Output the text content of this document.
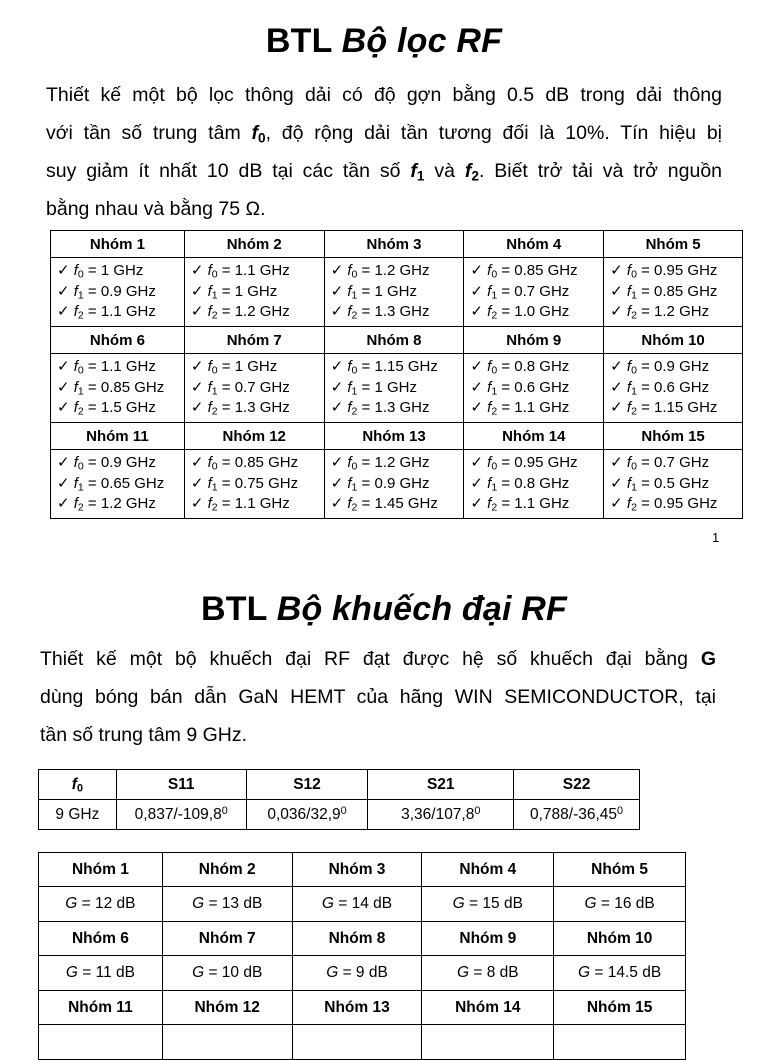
BTL Bộ lọc RF
Thiết kế một bộ lọc thông dải có độ gợn bằng 0.5 dB trong dải thông
với tần số trung tâm $f_0$, độ rộng dải tần tương đối là 10%. Tín hiệu bị
suy giảm ít nhất 10 dB tại các tần số $f_1$ và $f_2$. Biết trở tải và trở nguồn
bằng nhau và bằng 75 Ω.
Nhóm 1	Nhóm 2	Nhóm 3	Nhóm 4	Nhóm 5

✓ $f_0 = 1$ GHz
✓ $f_1 = 0.9$ GHz
✓ $f_2 = 1.1$ GHz	✓ $f_0 = 1.1$ GHz
✓ $f_1 = 1$ GHz
✓ $f_2 = 1.2$ GHz	✓ $f_0 = 1.2$ GHz
✓ $f_1 = 1$ GHz
✓ $f_2 = 1.3$ GHz	✓ $f_0 = 0.85$ GHz
✓ $f_1 = 0.7$ GHz
✓ $f_2 = 1.0$ GHz	✓ $f_0 = 0.95$ GHz
✓ $f_1 = 0.85$ GHz
✓ $f_2 = 1.2$ GHz

Nhóm 6	Nhóm 7	Nhóm 8	Nhóm 9	Nhóm 10

✓ $f_0 = 1.1$ GHz
✓ $f_1 = 0.85$ GHz
✓ $f_2 = 1.5$ GHz	✓ $f_0 = 1$ GHz
✓ $f_1 = 0.7$ GHz
✓ $f_2 = 1.3$ GHz	✓ $f_0 = 1.15$ GHz
✓ $f_1 = 1$ GHz
✓ $f_2 = 1.3$ GHz	✓ $f_0 = 0.8$ GHz
✓ $f_1 = 0.6$ GHz
✓ $f_2 = 1.1$ GHz	✓ $f_0 = 0.9$ GHz
✓ $f_1 = 0.6$ GHz
✓ $f_2 = 1.15$ GHz

Nhóm 11	Nhóm 12	Nhóm 13	Nhóm 14	Nhóm 15

✓ $f_0 = 0.9$ GHz
✓ $f_1 = 0.65$ GHz
✓ $f_2 = 1.2$ GHz	✓ $f_0 = 0.85$ GHz
✓ $f_1 = 0.75$ GHz
✓ $f_2 = 1.1$ GHz	✓ $f_0 = 1.2$ GHz
✓ $f_1 = 0.9$ GHz
✓ $f_2 = 1.45$ GHz	✓ $f_0 = 0.95$ GHz
✓ $f_1 = 0.8$ GHz
✓ $f_2 = 1.1$ GHz	✓ $f_0 = 0.7$ GHz
✓ $f_1 = 0.5$ GHz
✓ $f_2 = 0.95$ GHz
1
BTL Bộ khuếch đại RF
Thiết kế một bộ khuếch đại RF đạt được hệ số khuếch đại bằng G
dùng bóng bán dẫn GaN HEMT của hãng WIN SEMICONDUCTOR, tại
tần số trung tâm 9 GHz.
$f_0$	S11	S12	S21	S22
9 GHz	0,837/-109,8$^0$	0,036/32,9$^0$	3,36/107,8$^0$	0,788/-36,45$^0$
Nhóm 1	Nhóm 2	Nhóm 3	Nhóm 4	Nhóm 5
G = 12 dB	G = 13 dB	G = 14 dB	G = 15 dB	G = 16 dB
Nhóm 6	Nhóm 7	Nhóm 8	Nhóm 9	Nhóm 10
G = 11 dB	G = 10 dB	G = 9 dB	G = 8 dB	G = 14.5 dB
Nhóm 11	Nhóm 12	Nhóm 13	Nhóm 14	Nhóm 15
